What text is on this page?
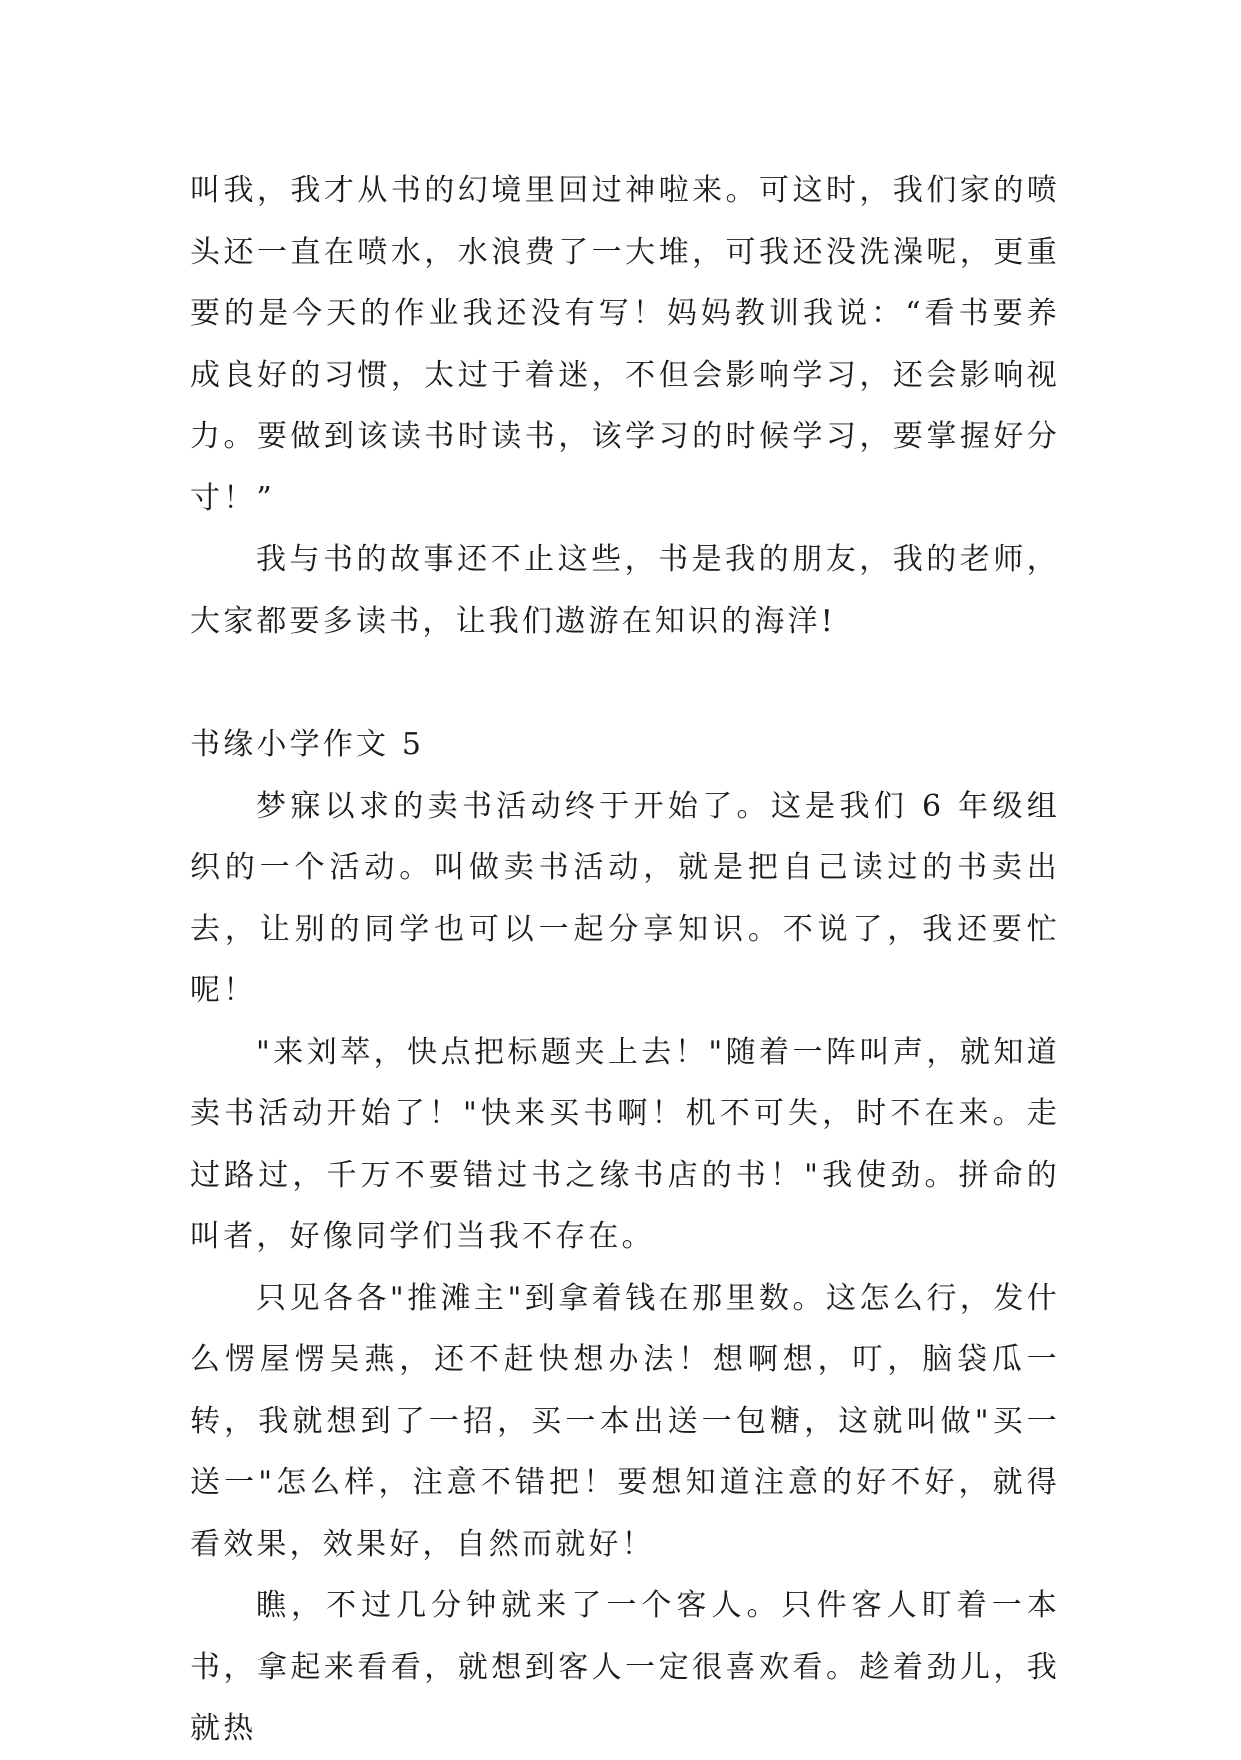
叫我，我才从书的幻境里回过神啦来。可这时，我们家的喷头还一直在喷水，水浪费了一大堆，可我还没洗澡呢，更重要的是今天的作业我还没有写！妈妈教训我说：“看书要养成良好的习惯，太过于着迷，不但会影响学习，还会影响视力。要做到该读书时读书，该学习的时候学习，要掌握好分寸！”

我与书的故事还不止这些，书是我的朋友，我的老师，大家都要多读书，让我们遨游在知识的海洋!

书缘小学作文 5

梦寐以求的卖书活动终于开始了。这是我们 6 年级组织的一个活动。叫做卖书活动，就是把自己读过的书卖出去，让别的同学也可以一起分享知识。不说了，我还要忙呢！

"来刘萃，快点把标题夹上去！"随着一阵叫声，就知道卖书活动开始了！"快来买书啊！机不可失，时不在来。走过路过，千万不要错过书之缘书店的书！"我使劲。拼命的叫者，好像同学们当我不存在。

只见各各"推滩主"到拿着钱在那里数。这怎么行，发什么愣屋愣吴燕，还不赶快想办法！想啊想，叮，脑袋瓜一转，我就想到了一招，买一本出送一包糖，这就叫做"买一送一"怎么样，注意不错把！要想知道注意的好不好，就得看效果，效果好，自然而就好！

瞧，不过几分钟就来了一个客人。只件客人盯着一本书，拿起来看看，就想到客人一定很喜欢看。趁着劲儿，我就热
